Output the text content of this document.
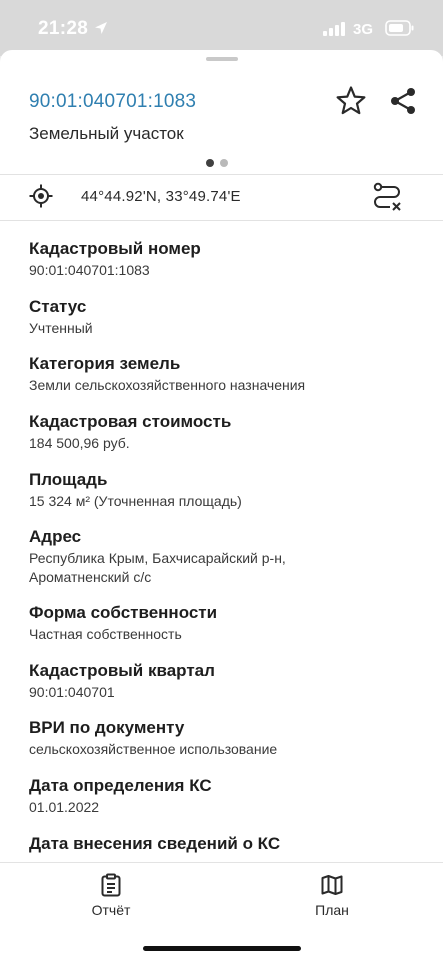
21:28	3G
90:01:040701:1083
Земельный участок
44°44.92'N, 33°49.74'E
Кадастровый номер
90:01:040701:1083
Статус
Учтенный
Категория земель
Земли сельскохозяйственного назначения
Кадастровая стоимость
184 500,96 руб.
Площадь
15 324 м² (Уточненная площадь)
Адрес
Республика Крым, Бахчисарайский р-н,
Ароматненский с/с
Форма собственности
Частная собственность
Кадастровый квартал
90:01:040701
ВРИ по документу
сельскохозяйственное использование
Дата определения КС
01.01.2022
Дата внесения сведений о КС
Отчёт	План
